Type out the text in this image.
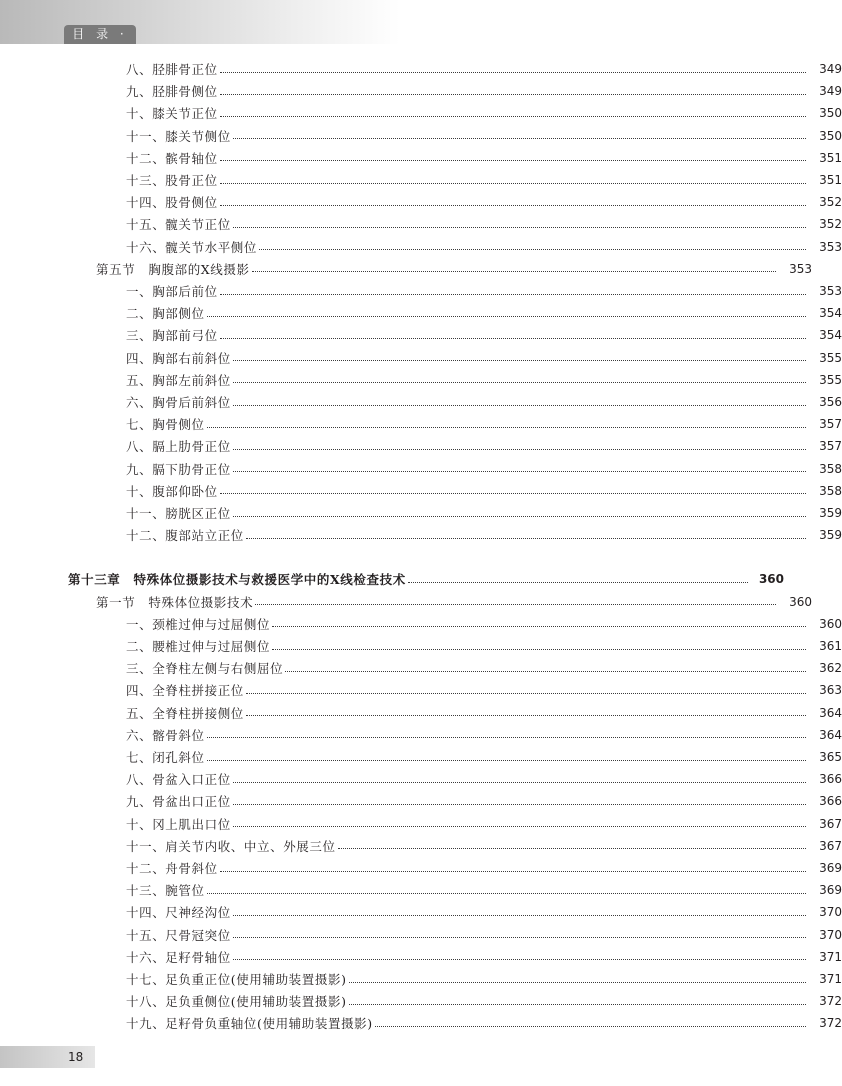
目 录 ·
八、胫腓骨正位	349
九、胫腓骨侧位	349
十、膝关节正位	350
十一、膝关节侧位	350
十二、髌骨轴位	351
十三、股骨正位	351
十四、股骨侧位	352
十五、髋关节正位	352
十六、髋关节水平侧位	353
第五节　胸腹部的X线摄影	353
一、胸部后前位	353
二、胸部侧位	354
三、胸部前弓位	354
四、胸部右前斜位	355
五、胸部左前斜位	355
六、胸骨后前斜位	356
七、胸骨侧位	357
八、膈上肋骨正位	357
九、膈下肋骨正位	358
十、腹部仰卧位	358
十一、膀胱区正位	359
十二、腹部站立正位	359
第十三章　特殊体位摄影技术与救援医学中的X线检查技术	360
第一节　特殊体位摄影技术	360
一、颈椎过伸与过屈侧位	360
二、腰椎过伸与过屈侧位	361
三、全脊柱左侧与右侧屈位	362
四、全脊柱拼接正位	363
五、全脊柱拼接侧位	364
六、髂骨斜位	364
七、闭孔斜位	365
八、骨盆入口正位	366
九、骨盆出口正位	366
十、冈上肌出口位	367
十一、肩关节内收、中立、外展三位	367
十二、舟骨斜位	369
十三、腕管位	369
十四、尺神经沟位	370
十五、尺骨冠突位	370
十六、足籽骨轴位	371
十七、足负重正位(使用辅助装置摄影)	371
十八、足负重侧位(使用辅助装置摄影)	372
十九、足籽骨负重轴位(使用辅助装置摄影)	372
18
